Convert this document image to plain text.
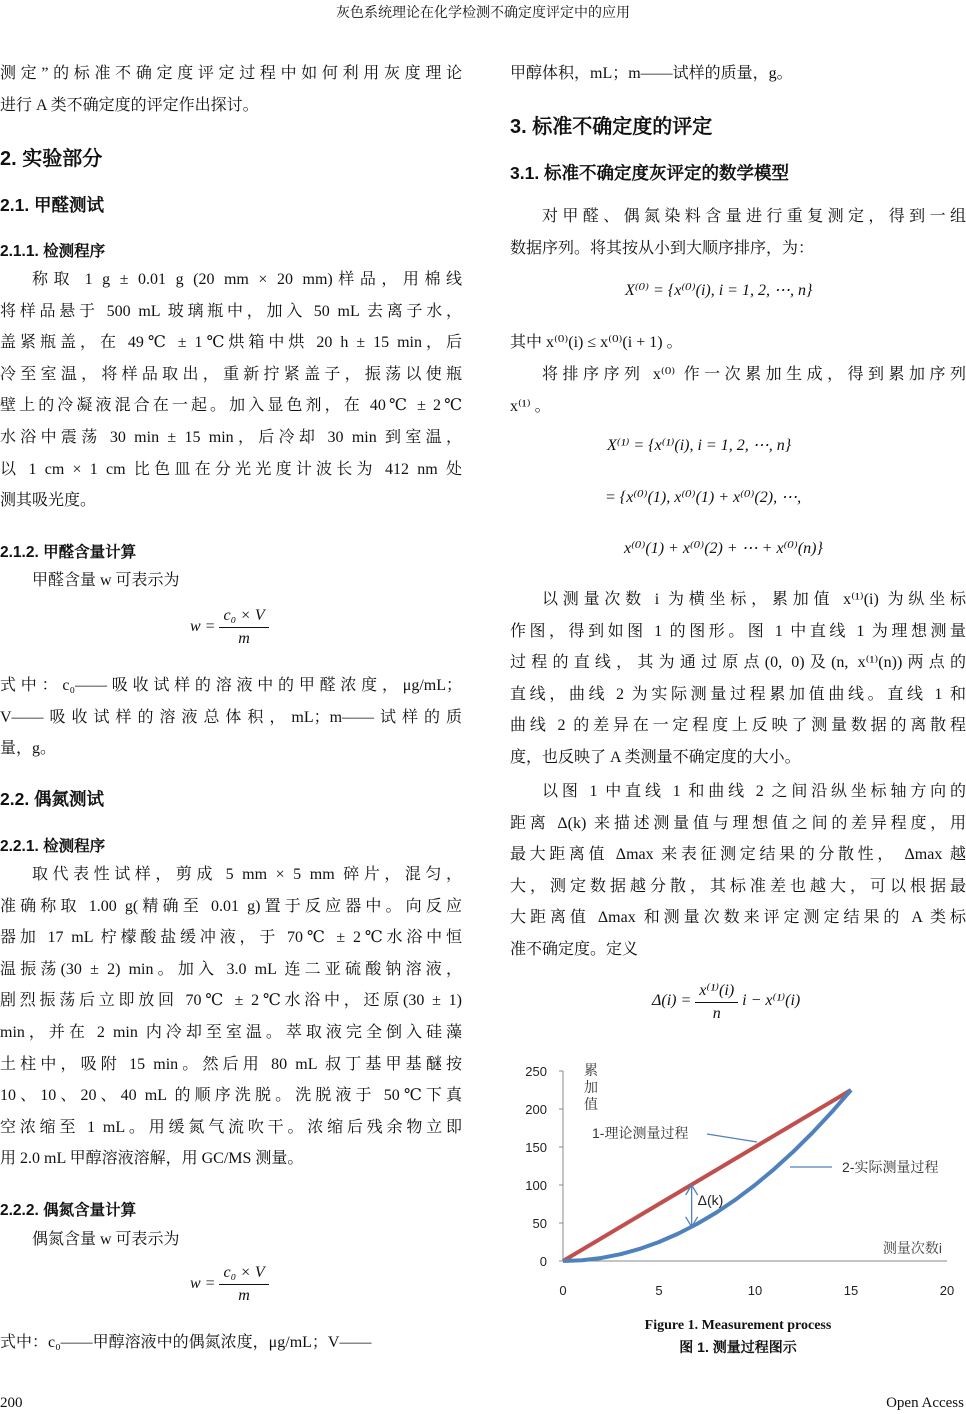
灰色系统理论在化学检测不确定度评定中的应用
测定”的标准不确定度评定过程中如何利用灰度理论
进行 A 类不确定度的评定作出探讨。
2. 实验部分
2.1. 甲醛测试
2.1.1. 检测程序
称取 1 g ± 0.01 g (20 mm × 20 mm)样品，用棉线
将样品悬于 500 mL 玻璃瓶中，加入 50 mL 去离子水，
盖紧瓶盖，在 49℃ ± 1℃烘箱中烘 20 h ± 15 min，后
冷至室温，将样品取出，重新拧紧盖子，振荡以使瓶
壁上的冷凝液混合在一起。加入显色剂，在 40℃ ± 2℃
水浴中震荡 30 min ± 15 min，后冷却 30 min 到室温，
以 1 cm × 1 cm 比色皿在分光光度计波长为 412 nm 处
测其吸光度。
2.1.2. 甲醛含量计算
甲醛含量 w 可表示为
$w = \frac{\text{c₀ × V}}{m}$
式中：c₀——吸收试样的溶液中的甲醛浓度，μg/mL；
V——吸收试样的溶液总体积，mL；m——试样的质
量，g。
2.2. 偶氮测试
2.2.1. 检测程序
取代表性试样，剪成 5 mm × 5 mm 碎片，混匀，
准确称取 1.00 g(精确至 0.01 g)置于反应器中。向反应
器加 17 mL 柠檬酸盐缓冲液，于 70℃ ± 2℃水浴中恒
温振荡(30 ± 2) min。加入 3.0 mL 连二亚硫酸钠溶液，
剧烈振荡后立即放回 70℃ ± 2℃水浴中，还原(30 ± 1)
min，并在 2 min 内冷却至室温。萃取液完全倒入硅藻
土柱中，吸附 15 min。然后用 80 mL 叔丁基甲基醚按
10、10、20、40 mL 的顺序洗脱。洗脱液于 50℃下真
空浓缩至 1 mL。用缓氮气流吹干。浓缩后残余物立即
用 2.0 mL 甲醇溶液溶解，用 GC/MS 测量。
2.2.2. 偶氮含量计算
偶氮含量 w 可表示为
$w = \frac{\text{c₀ × V}}{m}$
式中：c₀——甲醇溶液中的偶氮浓度，μg/mL；V——
甲醇体积，mL；m——试样的质量，g。
3. 标准不确定度的评定
3.1. 标准不确定度灰评定的数学模型
对甲醛、偶氮染料含量进行重复测定，得到一组
数据序列。将其按从小到大顺序排序，为：
X⁽⁰⁾ = {x⁽⁰⁾(i), i = 1, 2, ⋯, n}
其中 x⁽⁰⁾(i) ≤ x⁽⁰⁾(i + 1) 。
将排序序列 x⁽⁰⁾ 作一次累加生成，得到累加序列
x⁽¹⁾ 。
X⁽¹⁾ = {x⁽¹⁾(i), i = 1, 2, ⋯, n}
= {x⁽⁰⁾(1), x⁽⁰⁾(1) + x⁽⁰⁾(2), ⋯,
x⁽⁰⁾(1) + x⁽⁰⁾(2) + ⋯ + x⁽⁰⁾(n)}
以测量次数 i 为横坐标，累加值 x⁽¹⁾(i) 为纵坐标
作图，得到如图 1 的图形。图 1 中直线 1 为理想测量
过程的直线，其为通过原点(0, 0)及(n, x⁽¹⁾(n))两点的
直线，曲线 2 为实际测量过程累加值曲线。直线 1 和
曲线 2 的差异在一定程度上反映了测量数据的离散程
度，也反映了 A 类测量不确定度的大小。
以图 1 中直线 1 和曲线 2 之间沿纵坐标轴方向的
距离 Δ(k) 来描述测量值与理想值之间的差异程度，用
最大距离值 Δmax 来表征测定结果的分散性， Δmax 越
大，测定数据越分散，其标准差也越大，可以根据最
大距离值 Δmax 和测量次数来评定测定结果的 A 类标
准不确定度。定义
$\Delta(i) = \frac{\text{x⁽¹⁾(i)}}{n}$ i − x⁽¹⁾(i)
0
50
100
150
200
250
0	5	10	15	20
累
加
值
测量次数i
1-理论测量过程
2-实际测量过程
Δ(k)
Figure 1. Measurement process
图 1. 测量过程图示
200	Open Access
